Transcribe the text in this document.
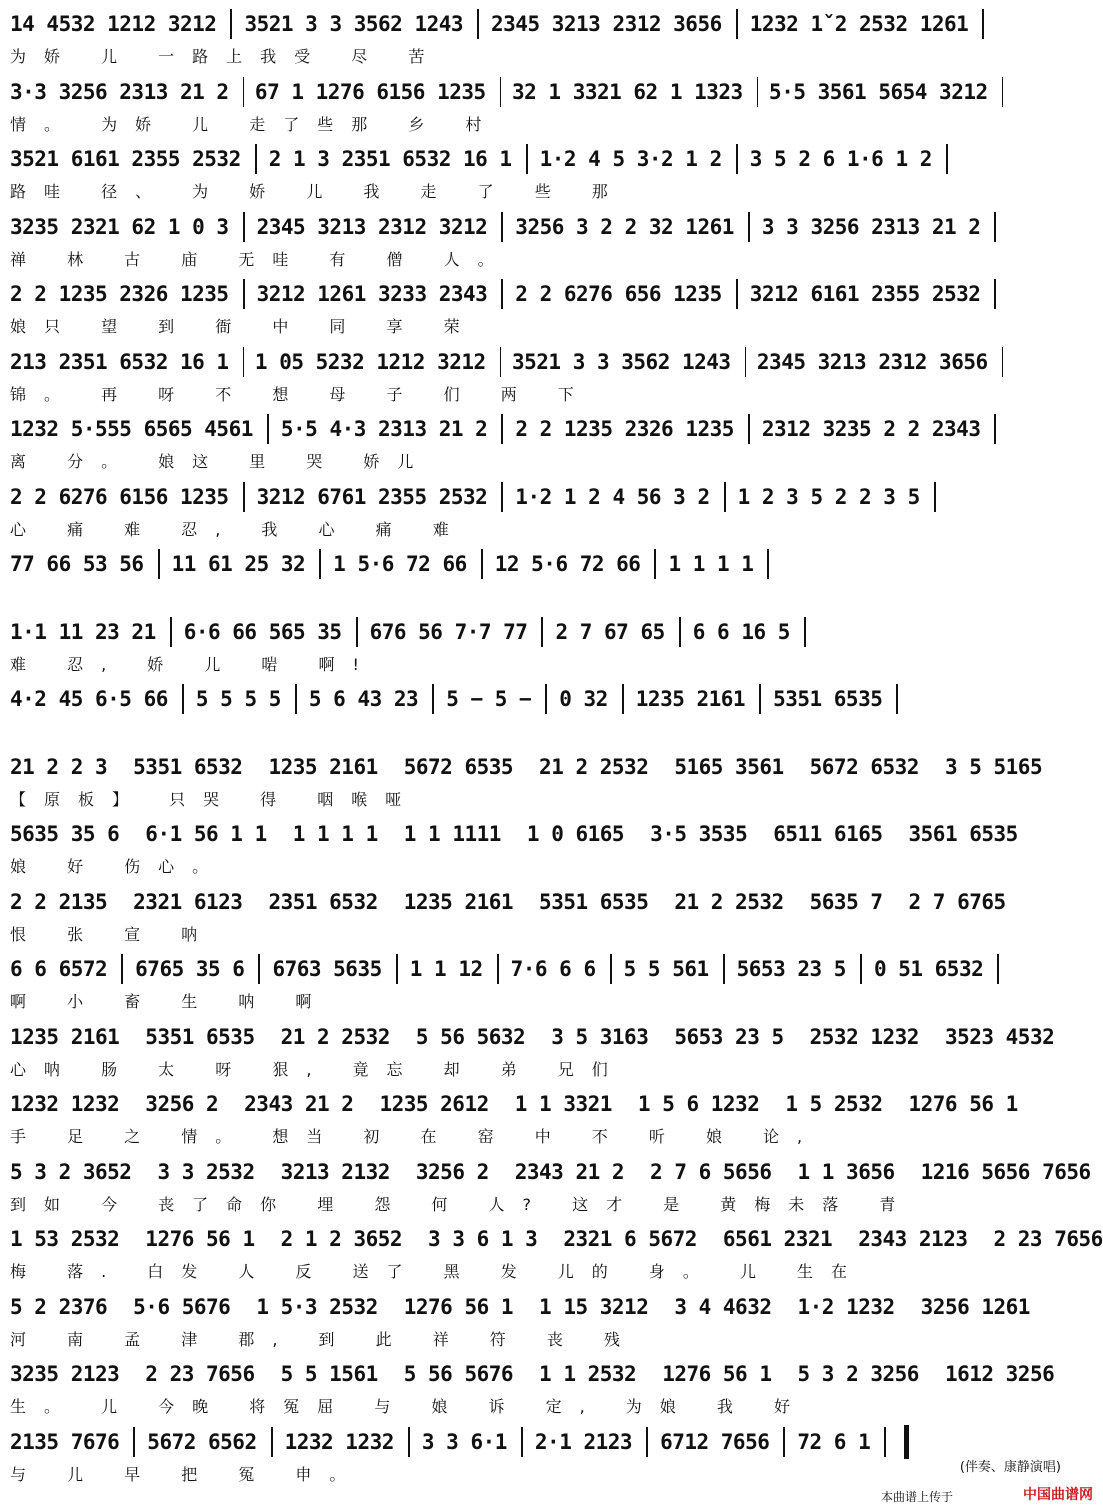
14 4532 1212 3212 3521 3 3 3562 1243 2345 3213 2312 3656 1232 1ˇ2 2532 1261
为娇 儿 一路上我受 尽 苦
3·3 3256 2313 21 2 67 1 1276 6156 1235 32 1 3321 62 1 1323 5·5 3561 5654 3212
情。 为娇 儿 走了些那 乡 村
3521 6161 2355 2532 2 1 3 2351 6532 16 1 1·2 4 5 3·2 1 2 3 5 2 6 1·6 1 2
路哇 径、 为 娇 儿 我 走 了 些 那
3235 2321 62 1 0 3 2345 3213 2312 3212 3256 3 2 2 32 1261 3 3 3256 2313 21 2
禅 林 古 庙 无哇 有 僧 人。
2 2 1235 2326 1235 3212 1261 3233 2343 2 2 6276 656 1235 3212 6161 2355 2532
娘只 望 到 衙 中 同 享 荣
213 2351 6532 16 1 1 05 5232 1212 3212 3521 3 3 3562 1243 2345 3213 2312 3656
锦。 再 呀 不 想 母 子 们 两 下
1232 5·555 6565 4561 5·5 4·3 2313 21 2 2 2 1235 2326 1235 2312 3235 2 2 2343
离 分。 娘这 里 哭 娇儿
2 2 6276 6156 1235 3212 6761 2355 2532 1·2 1 2 4 56 3 2 1 2 3 5 2 2 3 5
心 痛 难 忍, 我 心 痛 难
77 66 53 56 11 61 25 32 1 5·6 72 66 12 5·6 72 66 1 1 1 1
1·1 11 23 21 6·6 66 565 35 676 56 7·7 77 2 7 67 65 6 6 16 5
难 忍, 娇 儿 啱 啊!
4·2 45 6·5 66 5 5 5 5 5 6 43 23 5 − 5 − 0 32 1235 2161 5351 6535
21 2 2 3 5351 6532 1235 2161 5672 6535 21 2 2532 5165 3561 5672 6532 3 5 5165
【原板】 只哭 得 咽喉哑
5635 35 6 6·1 56 1 1 1 1 1 1 1 1 1111 1 0 6165 3·5 3535 6511 6165 3561 6535
娘 好 伤心。
2 2 2135 2321 6123 2351 6532 1235 2161 5351 6535 21 2 2532 5635 7 2 7 6765
恨 张 宣 呐
6 6 6572 6765 35 6 6763 5635 1 1 12 7·6 6 6 5 5 561 5653 23 5 0 51 6532
啊 小 畜 生 呐 啊
1235 2161 5351 6535 21 2 2532 5 56 5632 3 5 3163 5653 23 5 2532 1232 3523 4532
心呐 肠 太 呀 狠, 竟忘 却 弟 兄们
1232 1232 3256 2 2343 21 2 1235 2612 1 1 3321 1 5 6 1232 1 5 2532 1276 56 1
手 足 之 情。 想当 初 在 窑 中 不 听 娘 论,
5 3 2 3652 3 3 2532 3213 2132 3256 2 2343 21 2 2 7 6 5656 1 1 3656 1216 5656 7656
到如 今 丧了命你 埋 怨 何 人? 这才 是 黄梅未落 青
1 53 2532 1276 56 1 2 1 2 3652 3 3 6 1 3 2321 6 5672 6561 2321 2343 2123 2 23 7656
梅 落. 白发 人 反 送了 黑 发 儿的 身。 儿 生在
5 2 2376 5·6 5676 1 5·3 2532 1276 56 1 1 15 3212 3 4 4632 1·2 1232 3256 1261
河 南 孟 津 郡, 到 此 祥 符 丧 残
3235 2123 2 23 7656 5 5 1561 5 56 5676 1 1 2532 1276 56 1 5 3 2 3256 1612 3256
生。 儿 今晚 将冤屈 与 娘 诉 定, 为娘 我 好
2135 7676 5672 6562 1232 1232 3 3 6·1 2·1 2123 6712 7656 72 6 1
与 儿 早 把 冤 申。	(伴奏、康静演唱)
本曲谱上传于	中国曲谱网
